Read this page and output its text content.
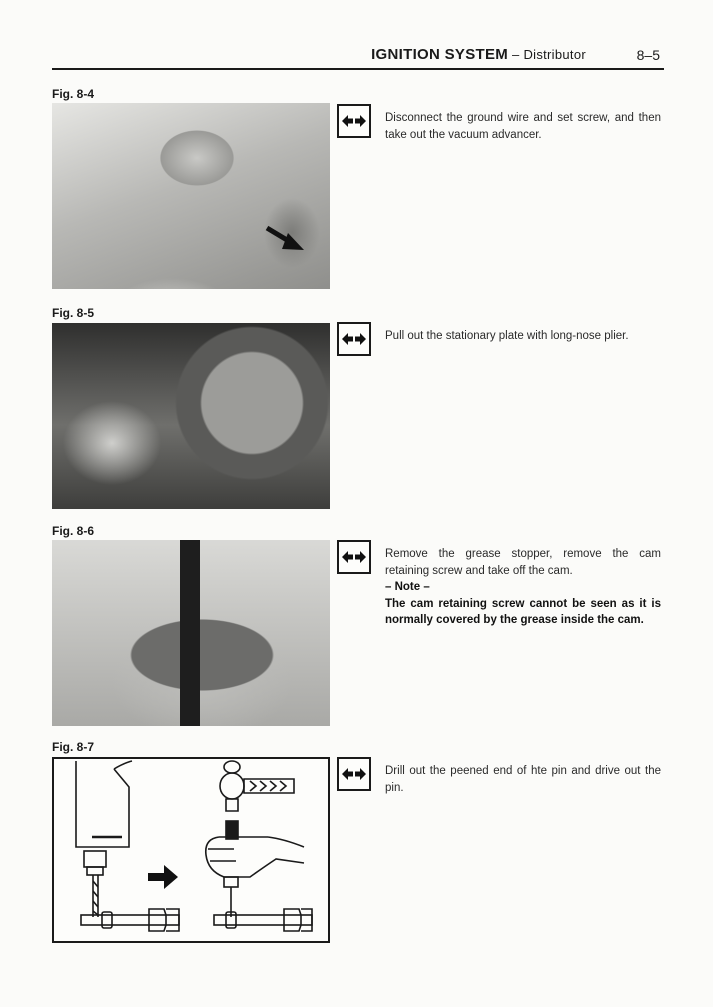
IGNITION SYSTEM – Distributor	8–5
Fig. 8-4
Fig. 8-5
Fig. 8-6
Fig. 8-7

Disconnect the ground wire and set screw, and then take out the vacuum advancer.

Pull out the stationary plate with long-nose plier.

Remove the grease stopper, remove the cam retaining screw and take off the cam.

– Note –

The cam retaining screw cannot be seen as it is normally covered by the grease inside the cam.

Drill out the peened end of hte pin and drive out the pin.
